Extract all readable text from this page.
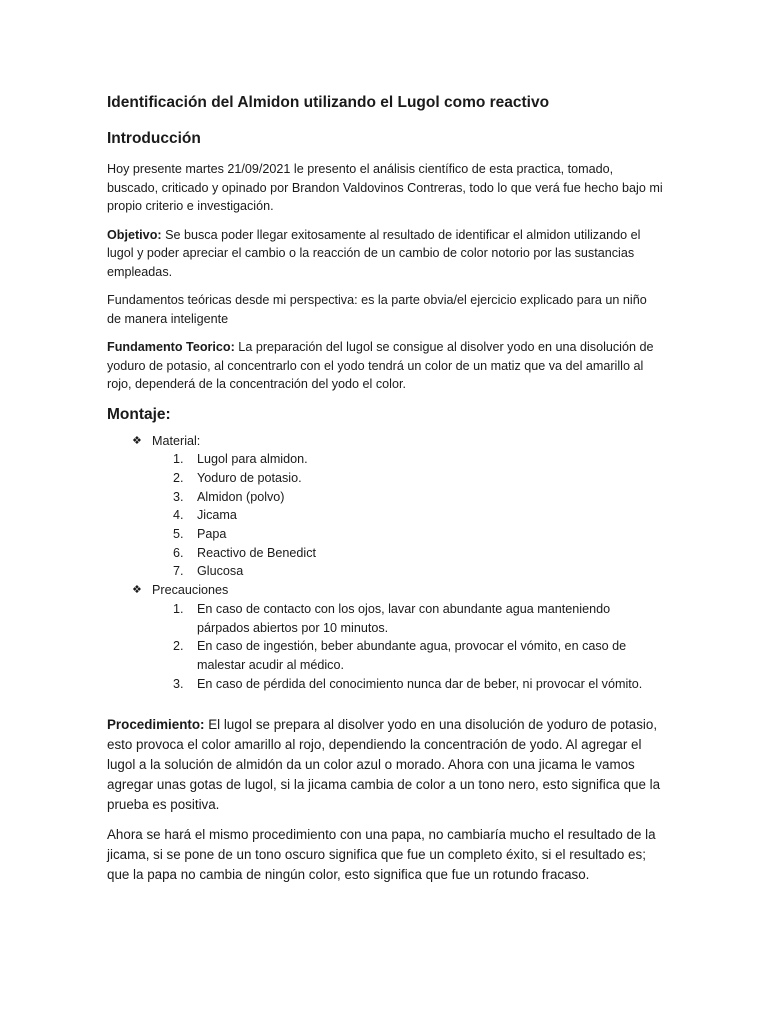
Identificación del Almidon utilizando el Lugol como reactivo
Introducción

Hoy presente martes 21/09/2021 le presento el análisis científico de esta practica, tomado, buscado, criticado y opinado por Brandon Valdovinos Contreras, todo lo que verá fue hecho bajo mi propio criterio e investigación.

Objetivo: Se busca poder llegar exitosamente al resultado de identificar el almidon utilizando el lugol y poder apreciar el cambio o la reacción de un cambio de color notorio por las sustancias empleadas.

Fundamentos teóricas desde mi perspectiva: es la parte obvia/el ejercicio explicado para un niño de manera inteligente

Fundamento Teorico: La preparación del lugol se consigue al disolver yodo en una disolución de yoduro de potasio, al concentrarlo con el yodo tendrá un color de un matiz que va del amarillo al rojo, dependerá de la concentración del yodo el color.

Montaje:
❖ Material:
1. Lugol para almidon.
2. Yoduro de potasio.
3. Almidon (polvo)
4. Jicama
5. Papa
6. Reactivo de Benedict
7. Glucosa
❖ Precauciones
1. En caso de contacto con los ojos, lavar con abundante agua manteniendo párpados abiertos por 10 minutos.
2. En caso de ingestión, beber abundante agua, provocar el vómito, en caso de malestar acudir al médico.
3. En caso de pérdida del conocimiento nunca dar de beber, ni provocar el vómito.

Procedimiento: El lugol se prepara al disolver yodo en una disolución de yoduro de potasio, esto provoca el color amarillo al rojo, dependiendo la concentración de yodo. Al agregar el lugol a la solución de almidón da un color azul o morado. Ahora con una jicama le vamos agregar unas gotas de lugol, si la jicama cambia de color a un tono nero, esto significa que la prueba es positiva.

Ahora se hará el mismo procedimiento con una papa, no cambiaría mucho el resultado de la jicama, si se pone de un tono oscuro significa que fue un completo éxito, si el resultado es; que la papa no cambia de ningún color, esto significa que fue un rotundo fracaso.
